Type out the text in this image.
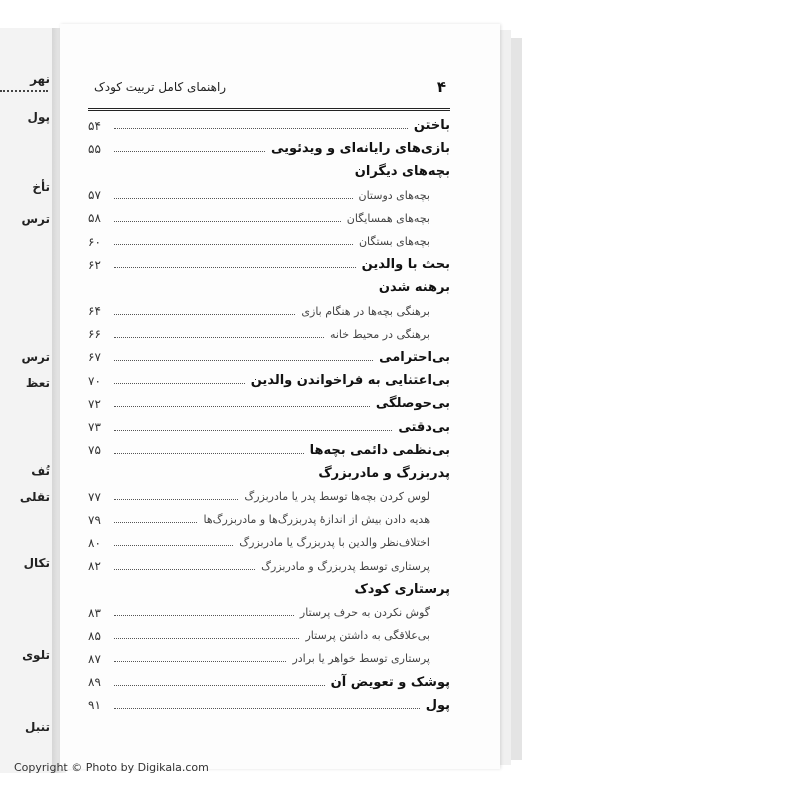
نهر
پول
تأخ
ترس
ترس
تعظ
تُف
تقلی
تکال
تلوی
تنبل
۴
راهنمای کامل تربیت کودک
باختن
۵۴
بازی‌های رایانه‌ای و ویدئویی
۵۵
بچه‌های دیگران
بچه‌های دوستان
۵۷
بچه‌های همسایگان
۵۸
بچه‌های بستگان
۶۰
بحث با والدین
۶۲
برهنه شدن
برهنگی بچه‌ها در هنگام بازی
۶۴
برهنگی در محیط خانه
۶۶
بی‌احترامی
۶۷
بی‌اعتنایی به فراخواندن والدین
۷۰
بی‌حوصلگی
۷۲
بی‌دقتی
۷۳
بی‌نظمی دائمی بچه‌ها
۷۵
پدربزرگ و مادربزرگ
لوس کردن بچه‌ها توسط پدر یا مادربزرگ
۷۷
هدیه دادن بیش از اندازهٔ پدربزرگ‌ها و مادربزرگ‌ها
۷۹
اختلاف‌نظر والدین با پدربزرگ یا مادربزرگ
۸۰
پرستاری توسط پدربزرگ و مادربزرگ
۸۲
پرستاری کودک
گوش نکردن به حرف پرستار
۸۳
بی‌علاقگی به داشتن پرستار
۸۵
پرستاری توسط خواهر یا برادر
۸۷
پوشک و تعویض آن
۸۹
پول
۹۱
Copyright © Photo by Digikala.com
